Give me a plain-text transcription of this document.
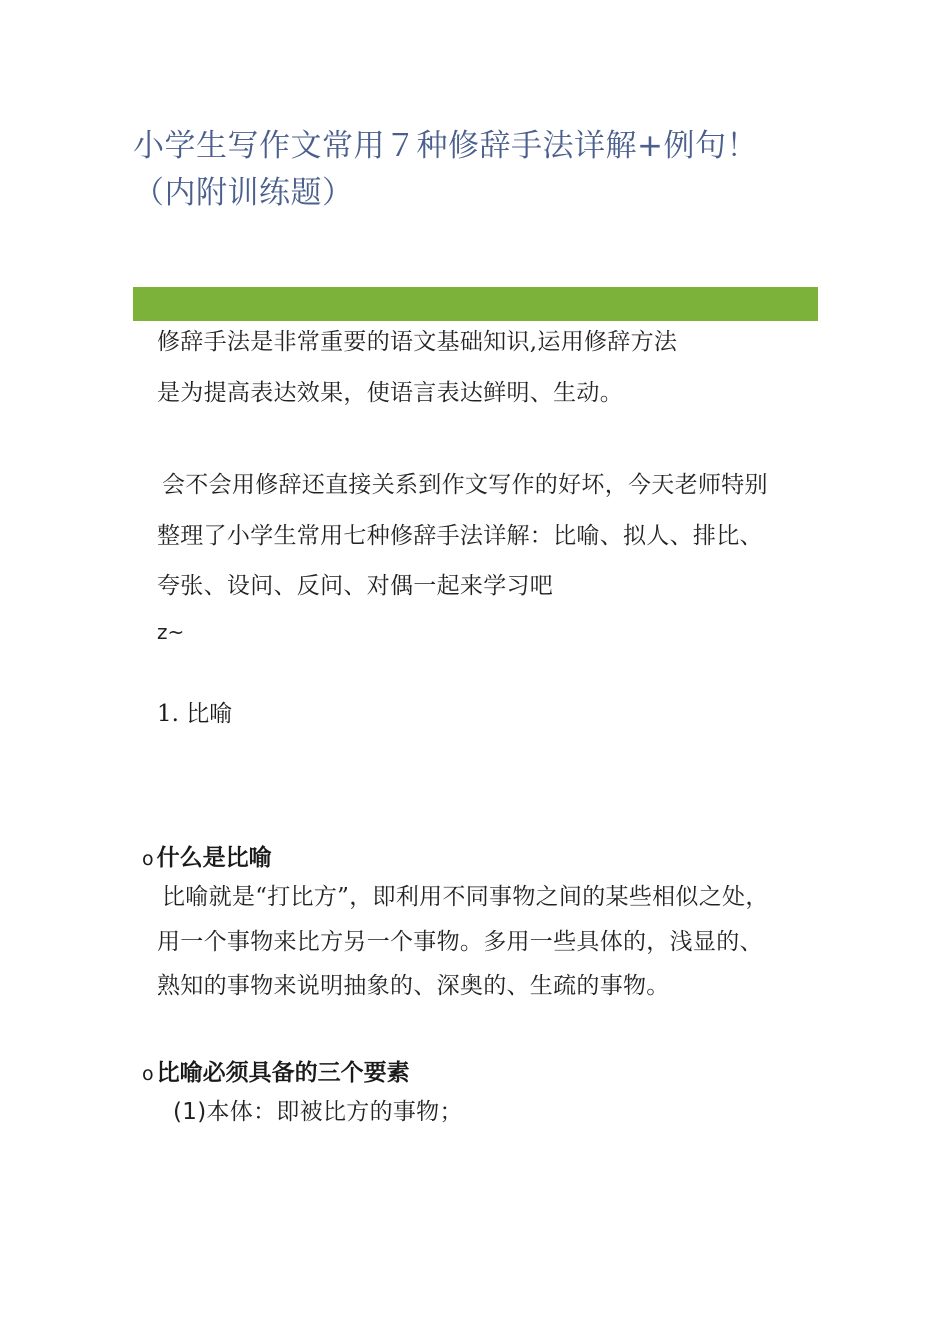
小学生写作文常用７种修辞手法详解+例句！
（内附训练题）
修辞手法是非常重要的语文基础知识,运用修辞方法
是为提高表达效果，使语言表达鲜明、生动。
会不会用修辞还直接关系到作文写作的好坏，今天老师特别
整理了小学生常用七种修辞手法详解：比喻、拟人、排比、
夸张、设问、反问、对偶一起来学习吧
z~
1. 比喻
o 什么是比喻
比喻就是“打比方”，即利用不同事物之间的某些相似之处，
用一个事物来比方另一个事物。多用一些具体的，浅显的、
熟知的事物来说明抽象的、深奥的、生疏的事物。
o 比喻必须具备的三个要素
(1)本体：即被比方的事物；
